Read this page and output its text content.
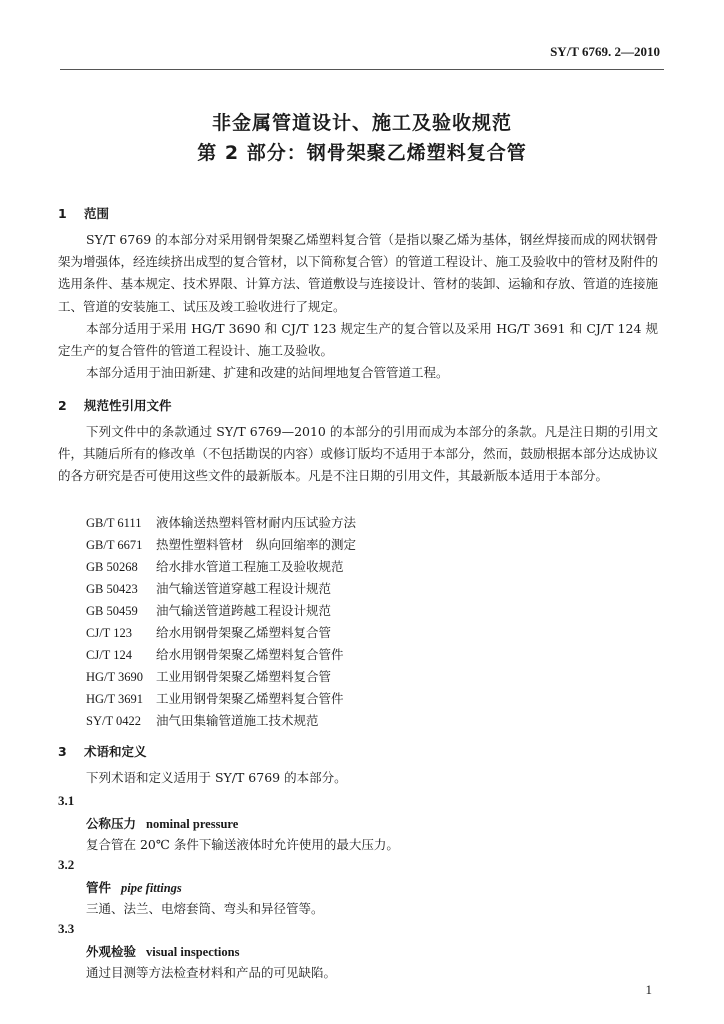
SY/T 6769. 2—2010
非金属管道设计、施工及验收规范
第 2 部分：钢骨架聚乙烯塑料复合管
1 范围
SY/T 6769 的本部分对采用钢骨架聚乙烯塑料复合管（是指以聚乙烯为基体，钢丝焊接而成的网状钢骨架为增强体，经连续挤出成型的复合管材，以下简称复合管）的管道工程设计、施工及验收中的管材及附件的选用条件、基本规定、技术界限、计算方法、管道敷设与连接设计、管材的装卸、运输和存放、管道的连接施工、管道的安装施工、试压及竣工验收进行了规定。
本部分适用于采用 HG/T 3690 和 CJ/T 123 规定生产的复合管以及采用 HG/T 3691 和 CJ/T 124 规定生产的复合管件的管道工程设计、施工及验收。
本部分适用于油田新建、扩建和改建的站间埋地复合管管道工程。
2 规范性引用文件
下列文件中的条款通过 SY/T 6769—2010 的本部分的引用而成为本部分的条款。凡是注日期的引用文件，其随后所有的修改单（不包括勘误的内容）或修订版均不适用于本部分，然而，鼓励根据本部分达成协议的各方研究是否可使用这些文件的最新版本。凡是不注日期的引用文件，其最新版本适用于本部分。
GB/T 6111 液体输送热塑料管材耐内压试验方法
GB/T 6671 热塑性塑料管材　纵向回缩率的测定
GB 50268 给水排水管道工程施工及验收规范
GB 50423 油气输送管道穿越工程设计规范
GB 50459 油气输送管道跨越工程设计规范
CJ/T 123 给水用钢骨架聚乙烯塑料复合管
CJ/T 124 给水用钢骨架聚乙烯塑料复合管件
HG/T 3690 工业用钢骨架聚乙烯塑料复合管
HG/T 3691 工业用钢骨架聚乙烯塑料复合管件
SY/T 0422 油气田集输管道施工技术规范
3 术语和定义
下列术语和定义适用于 SY/T 6769 的本部分。
3.1
公称压力 nominal pressure
复合管在 20℃ 条件下输送液体时允许使用的最大压力。
3.2
管件 pipe fittings
三通、法兰、电熔套筒、弯头和异径管等。
3.3
外观检验 visual inspections
通过目测等方法检查材料和产品的可见缺陷。
1
